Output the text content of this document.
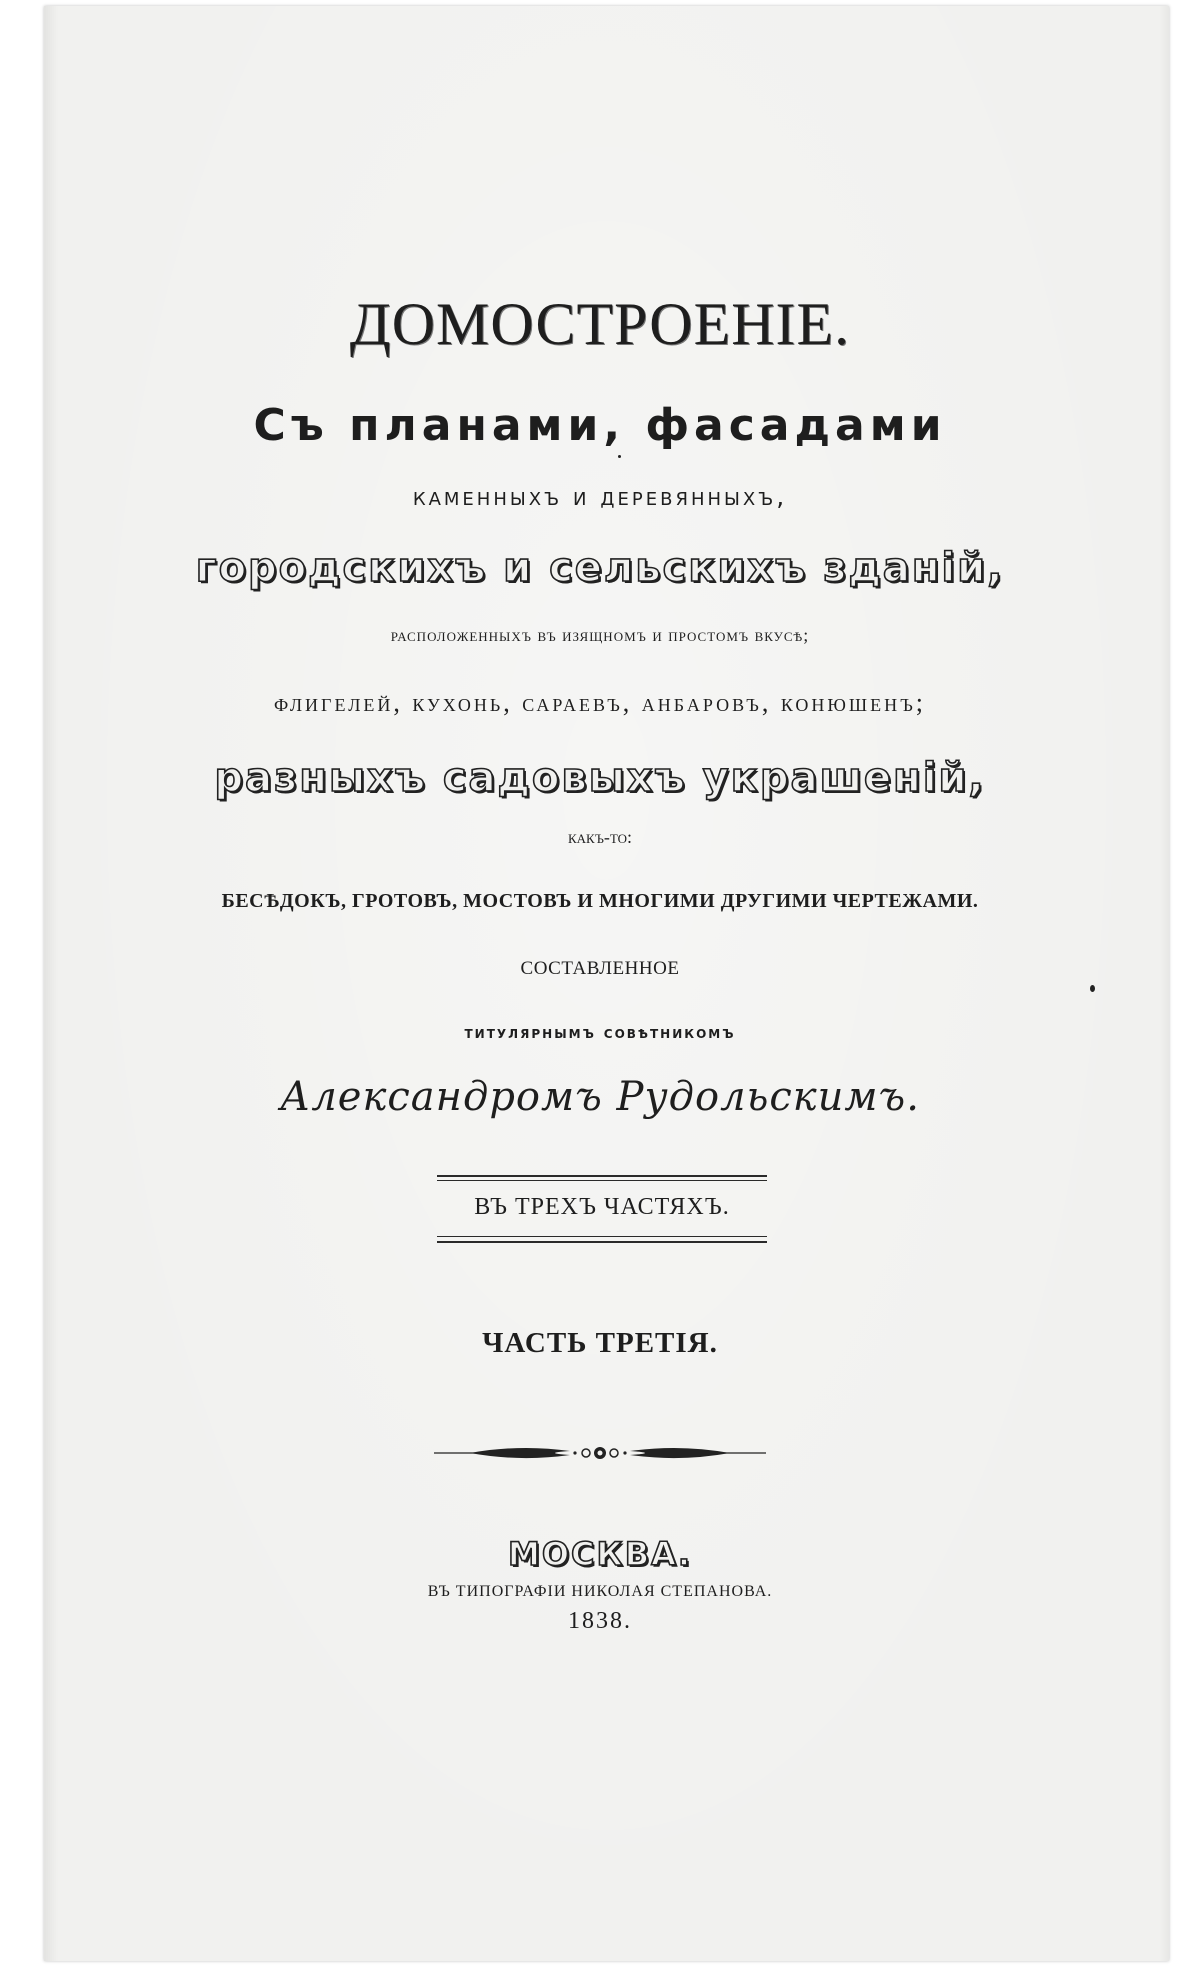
ДОМОСТРОЕНIЕ.

Съ планами, фасадами

каменныхъ и деревянныхъ,

городскихъ и сельскихъ зданiй,

расположенныхъ въ изящномъ и простомъ вкусѣ;

флигелей, кухонь, сараевъ, анбаровъ, конюшенъ;

разныхъ садовыхъ украшенiй,

какъ-то:

БЕСѢДОКЪ, ГРОТОВЪ, МОСТОВЪ И МНОГИМИ ДРУГИМИ ЧЕРТЕЖАМИ.

СОСТАВЛЕННОЕ

титулярнымъ совѣтникомъ

Александромъ Рудольскимъ.

ВЪ ТРЕХЪ ЧАСТЯХЪ.

ЧАСТЬ ТРЕТIЯ.

МОСКВА.

ВЪ ТИПОГРАФIИ НИКОЛАЯ СТЕПАНОВА.

1838.
